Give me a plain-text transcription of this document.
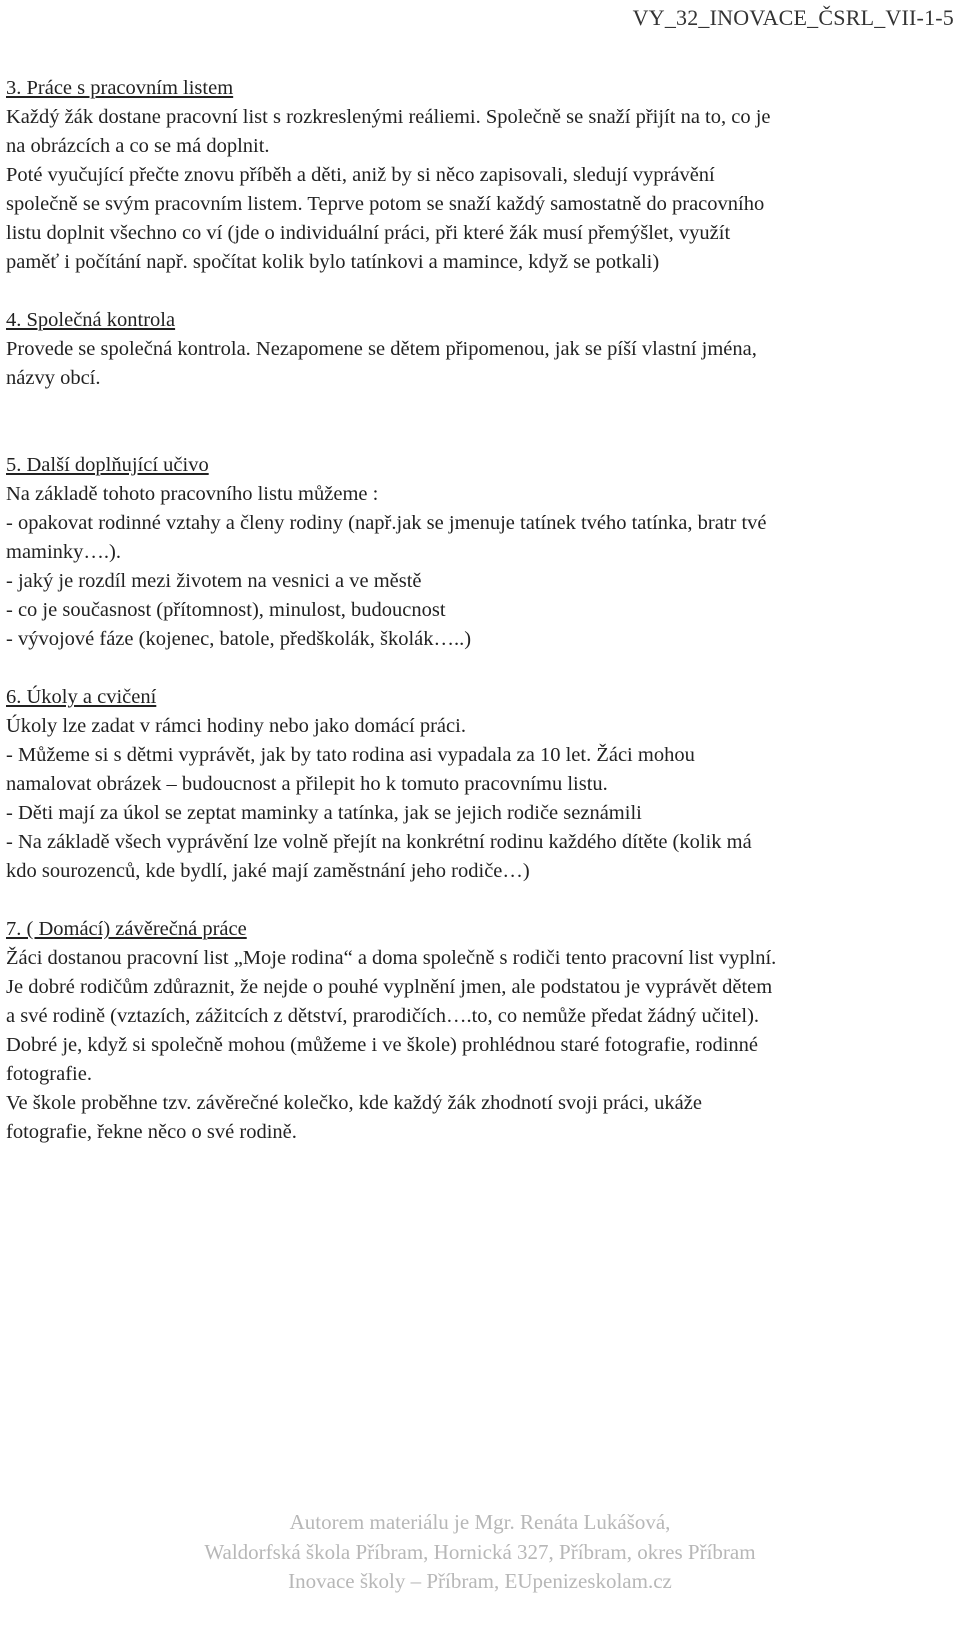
VY_32_INOVACE_ČSRL_VII-1-5
3. Práce s pracovním listem
Každý žák dostane pracovní list s rozkreslenými reáliemi. Společně se snaží přijít na to, co je
na obrázcích a co se má doplnit.
Poté vyučující přečte znovu příběh a děti, aniž by si něco zapisovali, sledují vyprávění
společně se svým pracovním listem. Teprve potom se snaží každý samostatně do pracovního
listu doplnit všechno co ví (jde o individuální práci, při které žák musí přemýšlet, využít
paměť i počítání např. spočítat kolik bylo tatínkovi a mamince, když se potkali)
4. Společná kontrola
Provede se společná kontrola. Nezapomene se dětem připomenou, jak se píší vlastní jména,
názvy obcí.
5. Další doplňující učivo
Na základě tohoto pracovního listu můžeme :
- opakovat rodinné vztahy a členy rodiny (např.jak se jmenuje tatínek tvého tatínka, bratr tvé
maminky….).
- jaký je rozdíl mezi životem na vesnici a ve městě
- co je současnost (přítomnost), minulost, budoucnost
- vývojové fáze (kojenec, batole, předškolák, školák…..)
6. Úkoly a cvičení
Úkoly lze zadat v rámci hodiny nebo jako domácí práci.
- Můžeme si s dětmi vyprávět, jak by tato rodina asi vypadala za 10 let. Žáci mohou
namalovat obrázek – budoucnost a přilepit ho k tomuto pracovnímu listu.
- Děti mají za úkol se zeptat maminky a tatínka, jak se jejich rodiče seznámili
- Na základě všech vyprávění lze volně přejít na konkrétní rodinu každého dítěte (kolik má
kdo sourozenců, kde bydlí, jaké mají zaměstnání jeho rodiče…)
7. ( Domácí) závěrečná práce
Žáci dostanou pracovní list „Moje rodina“ a doma společně s rodiči tento pracovní list vyplní.
Je dobré rodičům zdůraznit, že nejde o pouhé vyplnění jmen, ale podstatou je vyprávět dětem
a své rodině (vztazích, zážitcích z dětství, prarodičích….to, co nemůže předat žádný učitel).
Dobré je, když si společně mohou (můžeme i ve škole) prohlédnou staré fotografie, rodinné
fotografie.
Ve škole proběhne tzv. závěrečné kolečko, kde každý žák zhodnotí svoji práci, ukáže
fotografie, řekne něco o své rodině.
Autorem materiálu je Mgr. Renáta Lukášová,
Waldorfská škola Příbram, Hornická 327, Příbram, okres Příbram
Inovace školy – Příbram, EUpenizeskolam.cz
